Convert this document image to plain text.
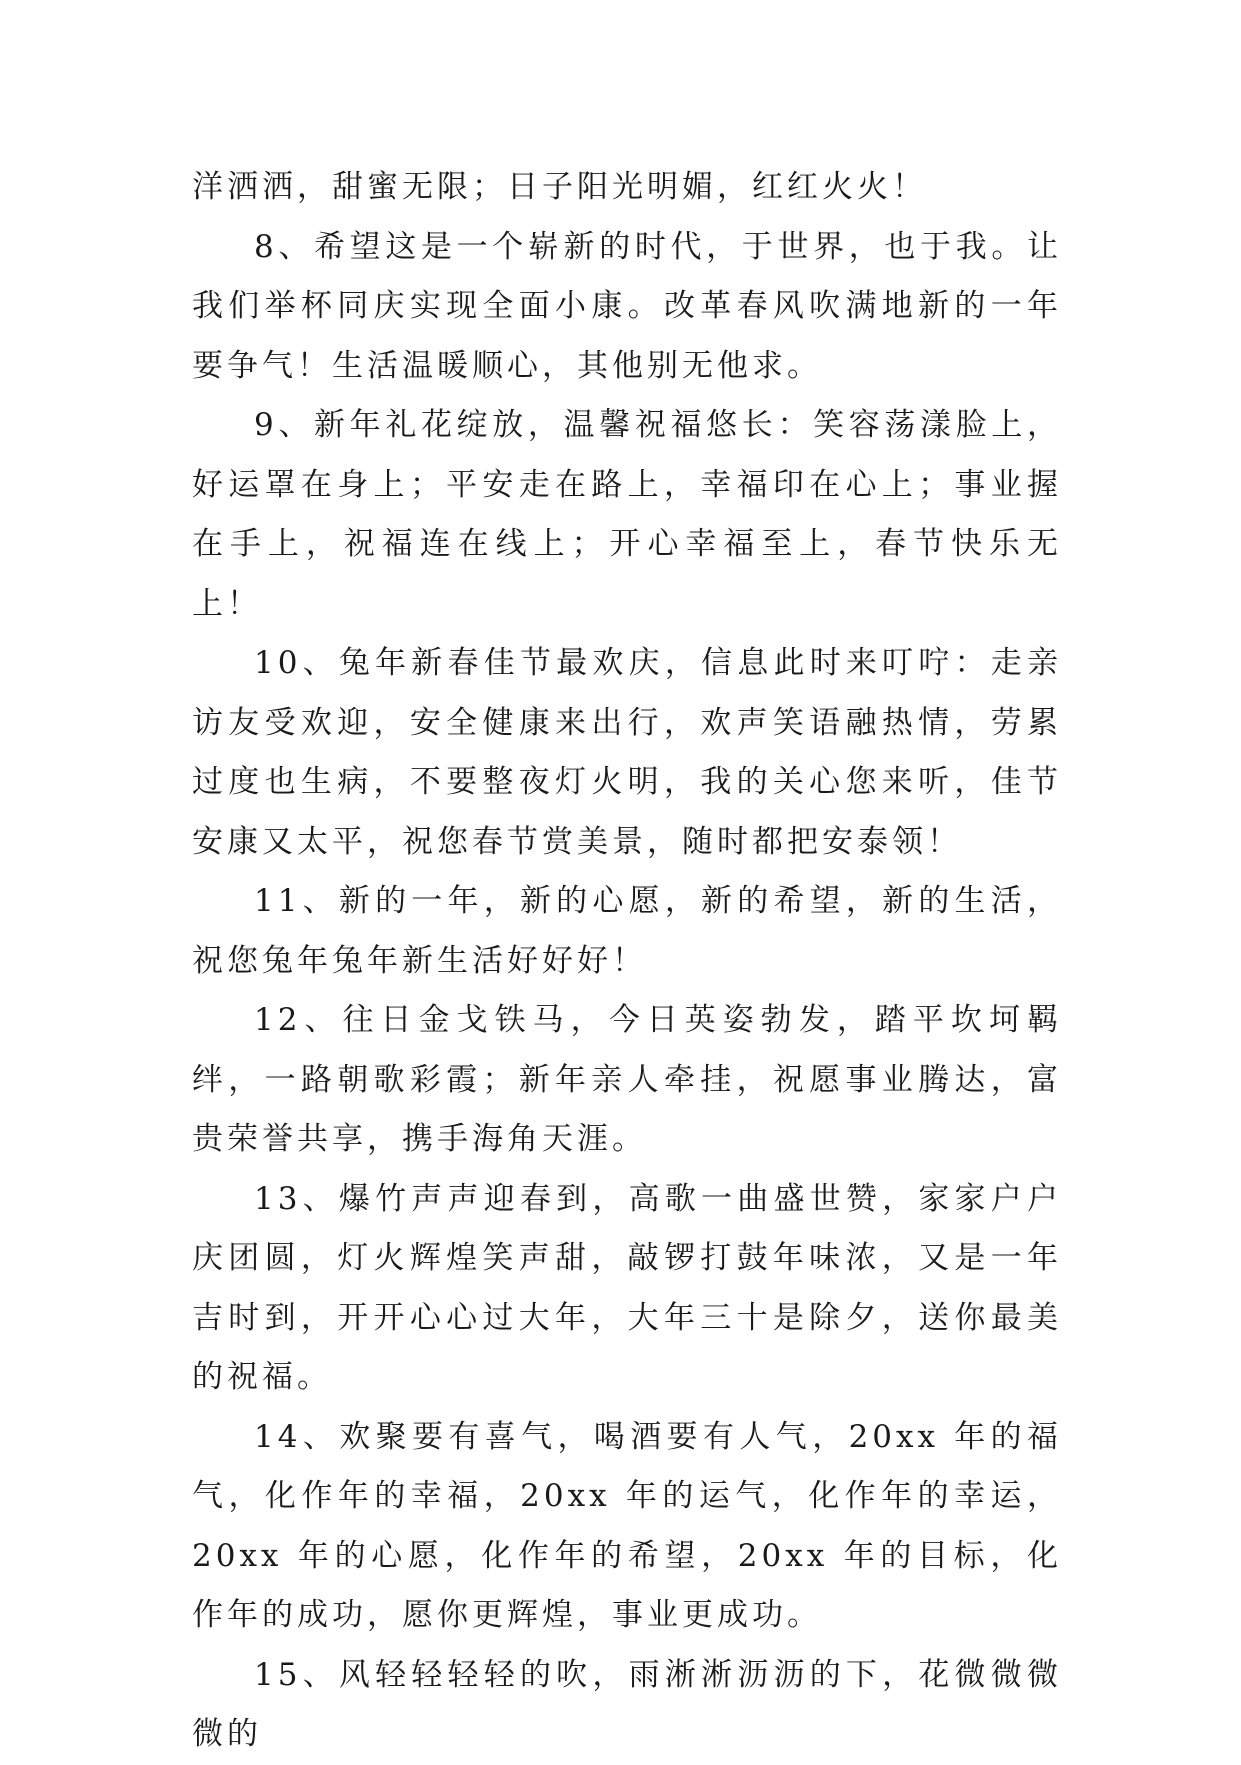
洋洒洒，甜蜜无限；日子阳光明媚，红红火火！

8、希望这是一个崭新的时代，于世界，也于我。让我们举杯同庆实现全面小康。改革春风吹满地新的一年要争气！生活温暖顺心，其他别无他求。

9、新年礼花绽放，温馨祝福悠长：笑容荡漾脸上，好运罩在身上；平安走在路上，幸福印在心上；事业握在手上，祝福连在线上；开心幸福至上，春节快乐无上！

10、兔年新春佳节最欢庆，信息此时来叮咛：走亲访友受欢迎，安全健康来出行，欢声笑语融热情，劳累过度也生病，不要整夜灯火明，我的关心您来听，佳节安康又太平，祝您春节赏美景，随时都把安泰领！

11、新的一年，新的心愿，新的希望，新的生活，祝您兔年兔年新生活好好好！

12、往日金戈铁马，今日英姿勃发，踏平坎坷羁绊，一路朝歌彩霞；新年亲人牵挂，祝愿事业腾达，富贵荣誉共享，携手海角天涯。

13、爆竹声声迎春到，高歌一曲盛世赞，家家户户庆团圆，灯火辉煌笑声甜，敲锣打鼓年味浓，又是一年吉时到，开开心心过大年，大年三十是除夕，送你最美的祝福。

14、欢聚要有喜气，喝酒要有人气，20xx 年的福气，化作年的幸福，20xx 年的运气，化作年的幸运，20xx 年的心愿，化作年的希望，20xx 年的目标，化作年的成功，愿你更辉煌，事业更成功。

15、风轻轻轻轻的吹，雨淅淅沥沥的下，花微微微微的
